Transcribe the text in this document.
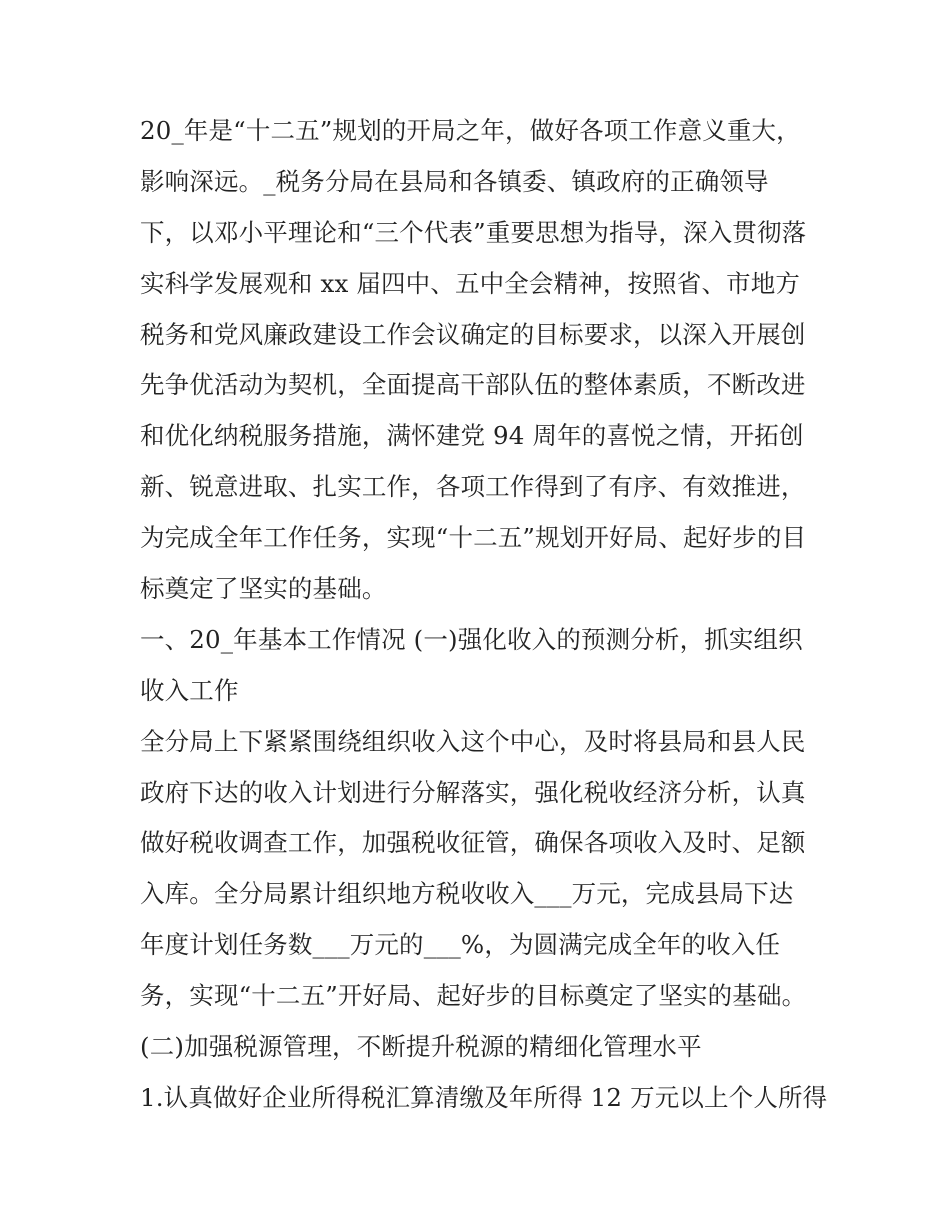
20_年是“十二五”规划的开局之年，做好各项工作意义重大，
影响深远。_税务分局在县局和各镇委、镇政府的正确领导
下，以邓小平理论和“三个代表”重要思想为指导，深入贯彻落
实科学发展观和 xx 届四中、五中全会精神，按照省、市地方
税务和党风廉政建设工作会议确定的目标要求，以深入开展创
先争优活动为契机，全面提高干部队伍的整体素质，不断改进
和优化纳税服务措施，满怀建党 94 周年的喜悦之情，开拓创
新、锐意进取、扎实工作，各项工作得到了有序、有效推进，
为完成全年工作任务，实现“十二五”规划开好局、起好步的目
标奠定了坚实的基础。
一、20_年基本工作情况 (一)强化收入的预测分析，抓实组织
收入工作
全分局上下紧紧围绕组织收入这个中心，及时将县局和县人民
政府下达的收入计划进行分解落实，强化税收经济分析，认真
做好税收调查工作，加强税收征管，确保各项收入及时、足额
入库。全分局累计组织地方税收收入___万元，完成县局下达
年度计划任务数___万元的___%，为圆满完成全年的收入任
务，实现“十二五”开好局、起好步的目标奠定了坚实的基础。
(二)加强税源管理，不断提升税源的精细化管理水平
1.认真做好企业所得税汇算清缴及年所得 12 万元以上个人所得
